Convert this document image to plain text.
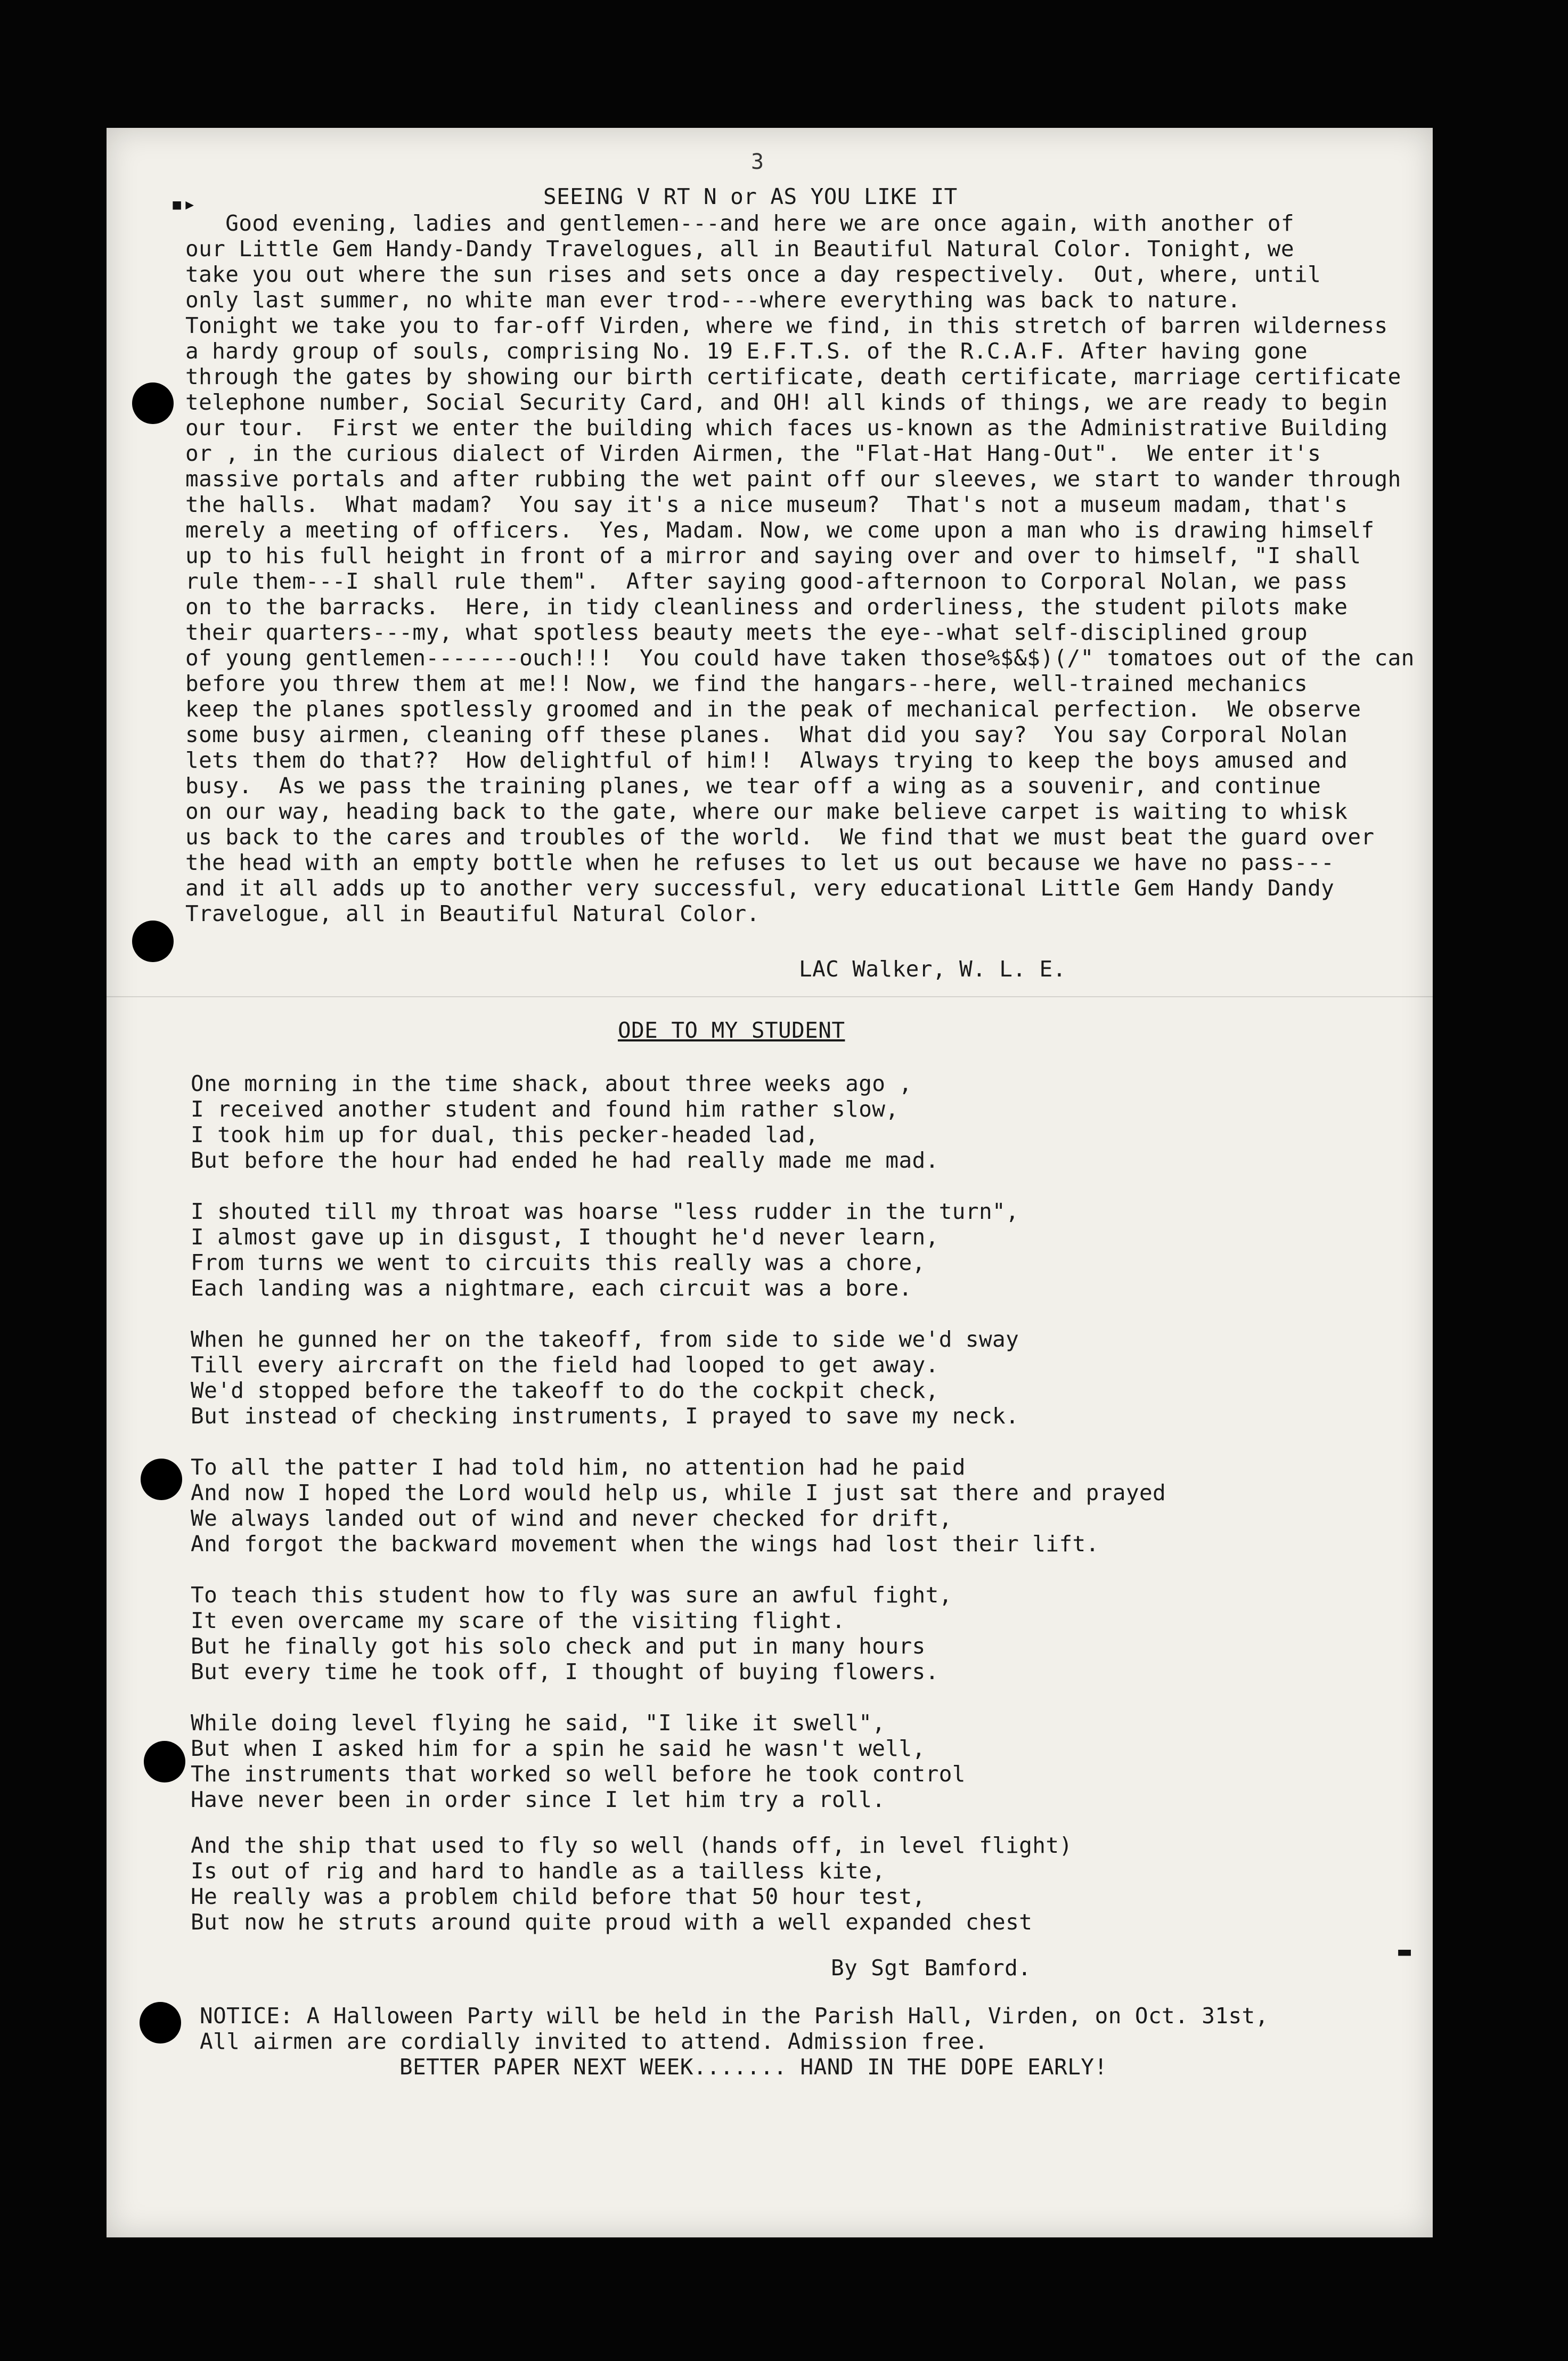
▪​▸
▬
3

SEEING V RT N or AS YOU LIKE IT

Good evening, ladies and gentlemen---and here we are once again, with another of

our Little Gem Handy-Dandy Travelogues, all in Beautiful Natural Color. Tonight, we

take you out where the sun rises and sets once a day respectively.  Out, where, until

only last summer, no white man ever trod---where everything was back to nature.

Tonight we take you to far-off Virden, where we find, in this stretch of barren wilderness

a hardy group of souls, comprising No. 19 E.F.T.S. of the R.C.A.F. After having gone

through the gates by showing our birth certificate, death certificate, marriage certificate

telephone number, Social Security Card, and OH! all kinds of things, we are ready to begin

our tour.  First we enter the building which faces us-known as the Administrative Building

or , in the curious dialect of Virden Airmen, the "Flat-Hat Hang-Out".  We enter it's

massive portals and after rubbing the wet paint off our sleeves, we start to wander through

the halls.  What madam?  You say it's a nice museum?  That's not a museum madam, that's

merely a meeting of officers.  Yes, Madam. Now, we come upon a man who is drawing himself

up to his full height in front of a mirror and saying over and over to himself, "I shall

rule them---I shall rule them".  After saying good-afternoon to Corporal Nolan, we pass

on to the barracks.  Here, in tidy cleanliness and orderliness, the student pilots make

their quarters---my, what spotless beauty meets the eye--what self-disciplined group

of young gentlemen-------ouch!!!  You could have taken those%$&$)(/" tomatoes out of the can

before you threw them at me!! Now, we find the hangars--here, well-trained mechanics

keep the planes spotlessly groomed and in the peak of mechanical perfection.  We observe

some busy airmen, cleaning off these planes.  What did you say?  You say Corporal Nolan

lets them do that??  How delightful of him!!  Always trying to keep the boys amused and

busy.  As we pass the training planes, we tear off a wing as a souvenir, and continue

on our way, heading back to the gate, where our make believe carpet is waiting to whisk

us back to the cares and troubles of the world.  We find that we must beat the guard over

the head with an empty bottle when he refuses to let us out because we have no pass---

and it all adds up to another very successful, very educational Little Gem Handy Dandy

Travelogue, all in Beautiful Natural Color.

LAC Walker, W. L. E.

ODE TO MY STUDENT

One morning in the time shack, about three weeks ago ,

I received another student and found him rather slow,

I took him up for dual, this pecker-headed lad,

But before the hour had ended he had really made me mad.

I shouted till my throat was hoarse "less rudder in the turn",

I almost gave up in disgust, I thought he'd never learn,

From turns we went to circuits this really was a chore,

Each landing was a nightmare, each circuit was a bore.

When he gunned her on the takeoff, from side to side we'd sway

Till every aircraft on the field had looped to get away.

We'd stopped before the takeoff to do the cockpit check,

But instead of checking instruments, I prayed to save my neck.

To all the patter I had told him, no attention had he paid

And now I hoped the Lord would help us, while I just sat there and prayed

We always landed out of wind and never checked for drift,

And forgot the backward movement when the wings had lost their lift.

To teach this student how to fly was sure an awful fight,

It even overcame my scare of the visiting flight.

But he finally got his solo check and put in many hours

But every time he took off, I thought of buying flowers.

While doing level flying he said, "I like it swell",

But when I asked him for a spin he said he wasn't well,

The instruments that worked so well before he took control

Have never been in order since I let him try a roll.

And the ship that used to fly so well (hands off, in level flight)

Is out of rig and hard to handle as a tailless kite,

He really was a problem child before that 50 hour test,

But now he struts around quite proud with a well expanded chest

By Sgt Bamford.

NOTICE: A Halloween Party will be held in the Parish Hall, Virden, on Oct. 31st,

All airmen are cordially invited to attend. Admission free.

BETTER PAPER NEXT WEEK....... HAND IN THE DOPE EARLY!
